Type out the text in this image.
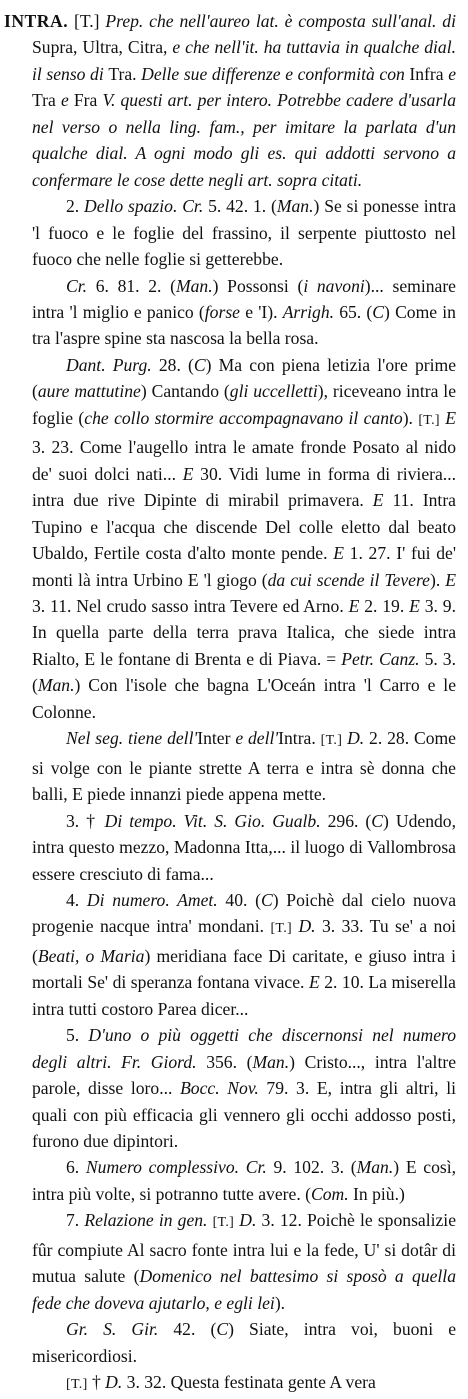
INTRA. [T.] Prep. che nell'aureo lat. è composta sull'anal. di Supra, Ultra, Citra, e che nell'it. ha tuttavia in qualche dial. il senso di Tra. Delle sue differenze e conformità con Infra e Tra e Fra V. questi art. per intero. Potrebbe cadere d'usarla nel verso o nella ling. fam., per imitare la parlata d'un qualche dial. A ogni modo gli es. qui addotti servono a confermare le cose dette negli art. sopra citati.

2. Dello spazio. Cr. 5. 42. 1. (Man.) Se si ponesse intra 'l fuoco e le foglie del frassino, il serpente piuttosto nel fuoco che nelle foglie si getterebbe.

Cr. 6. 81. 2. (Man.) Possonsi (i navoni)... seminare intra 'l miglio e panico (forse e 'I). Arrigh. 65. (C) Come in tra l'aspre spine sta nascosa la bella rosa.

Dant. Purg. 28. (C) Ma con piena letizia l'ore prime (aure mattutine) Cantando (gli uccelletti), riceveano intra le foglie (che collo stormire accompagnavano il canto). [T.] E 3. 23. Come l'augello intra le amate fronde Posato al nido de' suoi dolci nati... E 30. Vidi lume in forma di riviera... intra due rive Dipinte di mirabil primavera. E 11. Intra Tupino e l'acqua che discende Del colle eletto dal beato Ubaldo, Fertile costa d'alto monte pende. E 1. 27. I' fui de' monti là intra Urbino E 'l giogo (da cui scende il Tevere). E 3. 11. Nel crudo sasso intra Tevere ed Arno. E 2. 19. E 3. 9. In quella parte della terra prava Italica, che siede intra Rialto, E le fontane di Brenta e di Piava. = Petr. Canz. 5. 3. (Man.) Con l'isole che bagna L'Oceán intra 'l Carro e le Colonne.

Nel seg. tiene dell'Inter e dell'Intra. [T.] D. 2. 28. Come si volge con le piante strette A terra e intra sè donna che balli, E piede innanzi piede appena mette.

3. † Di tempo. Vit. S. Gio. Gualb. 296. (C) Udendo, intra questo mezzo, Madonna Itta,... il luogo di Vallombrosa essere cresciuto di fama...

4. Di numero. Amet. 40. (C) Poichè dal cielo nuova progenie nacque intra' mondani. [T.] D. 3. 33. Tu se' a noi (Beati, o Maria) meridiana face Di caritate, e giuso intra i mortali Se' di speranza fontana vivace. E 2. 10. La miserella intra tutti costoro Parea dicer...

5. D'uno o più oggetti che discernonsi nel numero degli altri. Fr. Giord. 356. (Man.) Cristo..., intra l'altre parole, disse loro... Bocc. Nov. 79. 3. E, intra gli altri, li quali con più efficacia gli vennero gli occhi addosso posti, furono due dipintori.

6. Numero complessivo. Cr. 9. 102. 3. (Man.) E così, intra più volte, si potranno tutte avere. (Com. In più.)

7. Relazione in gen. [T.] D. 3. 12. Poichè le sponsalizie fûr compiute Al sacro fonte intra lui e la fede, U' si dotâr di mutua salute (Domenico nel battesimo si sposò a quella fede che doveva ajutarlo, e egli lei).

Gr. S. Gir. 42. (C) Siate, intra voi, buoni e misericordiosi.

[T.] † D. 3. 32. Questa festinata gente A vera
